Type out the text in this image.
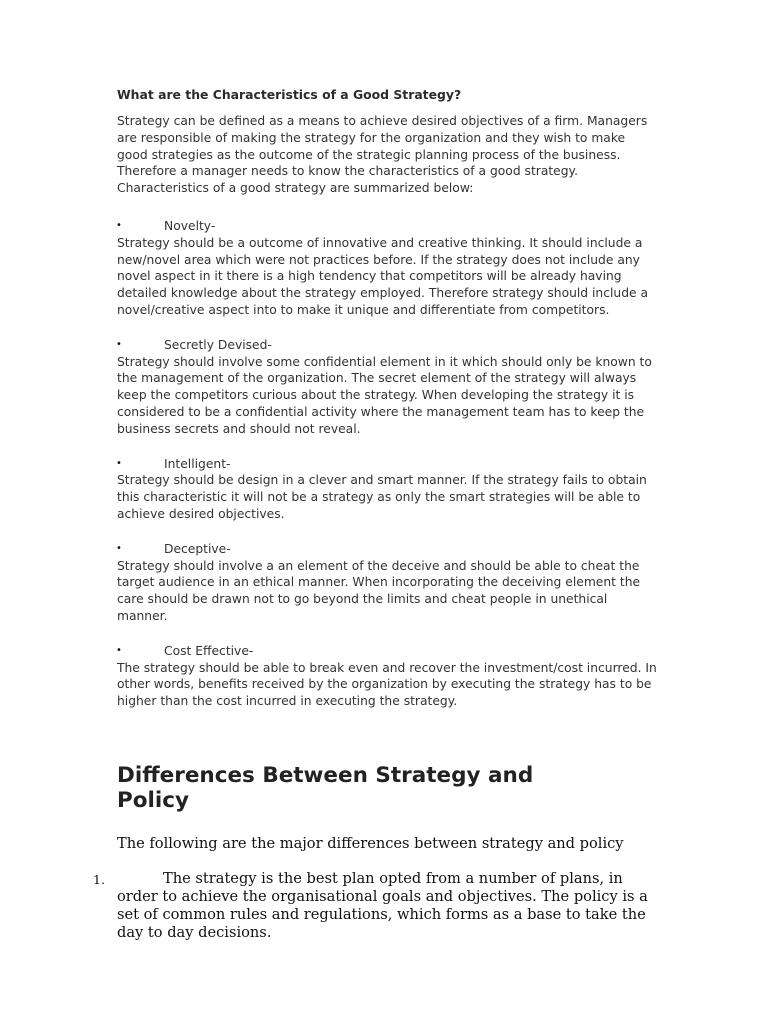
What are the Characteristics of a Good Strategy?

Strategy can be defined as a means to achieve desired objectives of a firm. Managers are responsible of making the strategy for the organization and they wish to make good strategies as the outcome of the strategic planning process of the business. Therefore a manager needs to know the characteristics of a good strategy. Characteristics of a good strategy are summarized below:

•	Novelty-

Strategy should be a outcome of innovative and creative thinking. It should include a new/novel area which were not practices before. If the strategy does not include any novel aspect in it there is a high tendency that competitors will be already having detailed knowledge about the strategy employed. Therefore strategy should include a novel/creative aspect into to make it unique and differentiate from competitors.

•	Secretly Devised-

Strategy should involve some confidential element in it which should only be known to the management of the organization. The secret element of the strategy will always keep the competitors curious about the strategy. When developing the strategy it is considered to be a confidential activity where the management team has to keep the business secrets and should not reveal.

•	Intelligent-

Strategy should be design in a clever and smart manner. If the strategy fails to obtain this characteristic it will not be a strategy as only the smart strategies will be able to achieve desired objectives.

•	Deceptive-

Strategy should involve a an element of the deceive and should be able to cheat the target audience in an ethical manner. When incorporating the deceiving element the care should be drawn not to go beyond the limits and cheat people in unethical manner.

•	Cost Effective-

The strategy should be able to break even and recover the investment/cost incurred. In other words, benefits received by the organization by executing the strategy has to be higher than the cost incurred in executing the strategy.

Differences Between Strategy and Policy

The following are the major differences between strategy and policy

1.	The strategy is the best plan opted from a number of plans, in order to achieve the organisational goals and objectives. The policy is a set of common rules and regulations, which forms as a base to take the day to day decisions.
